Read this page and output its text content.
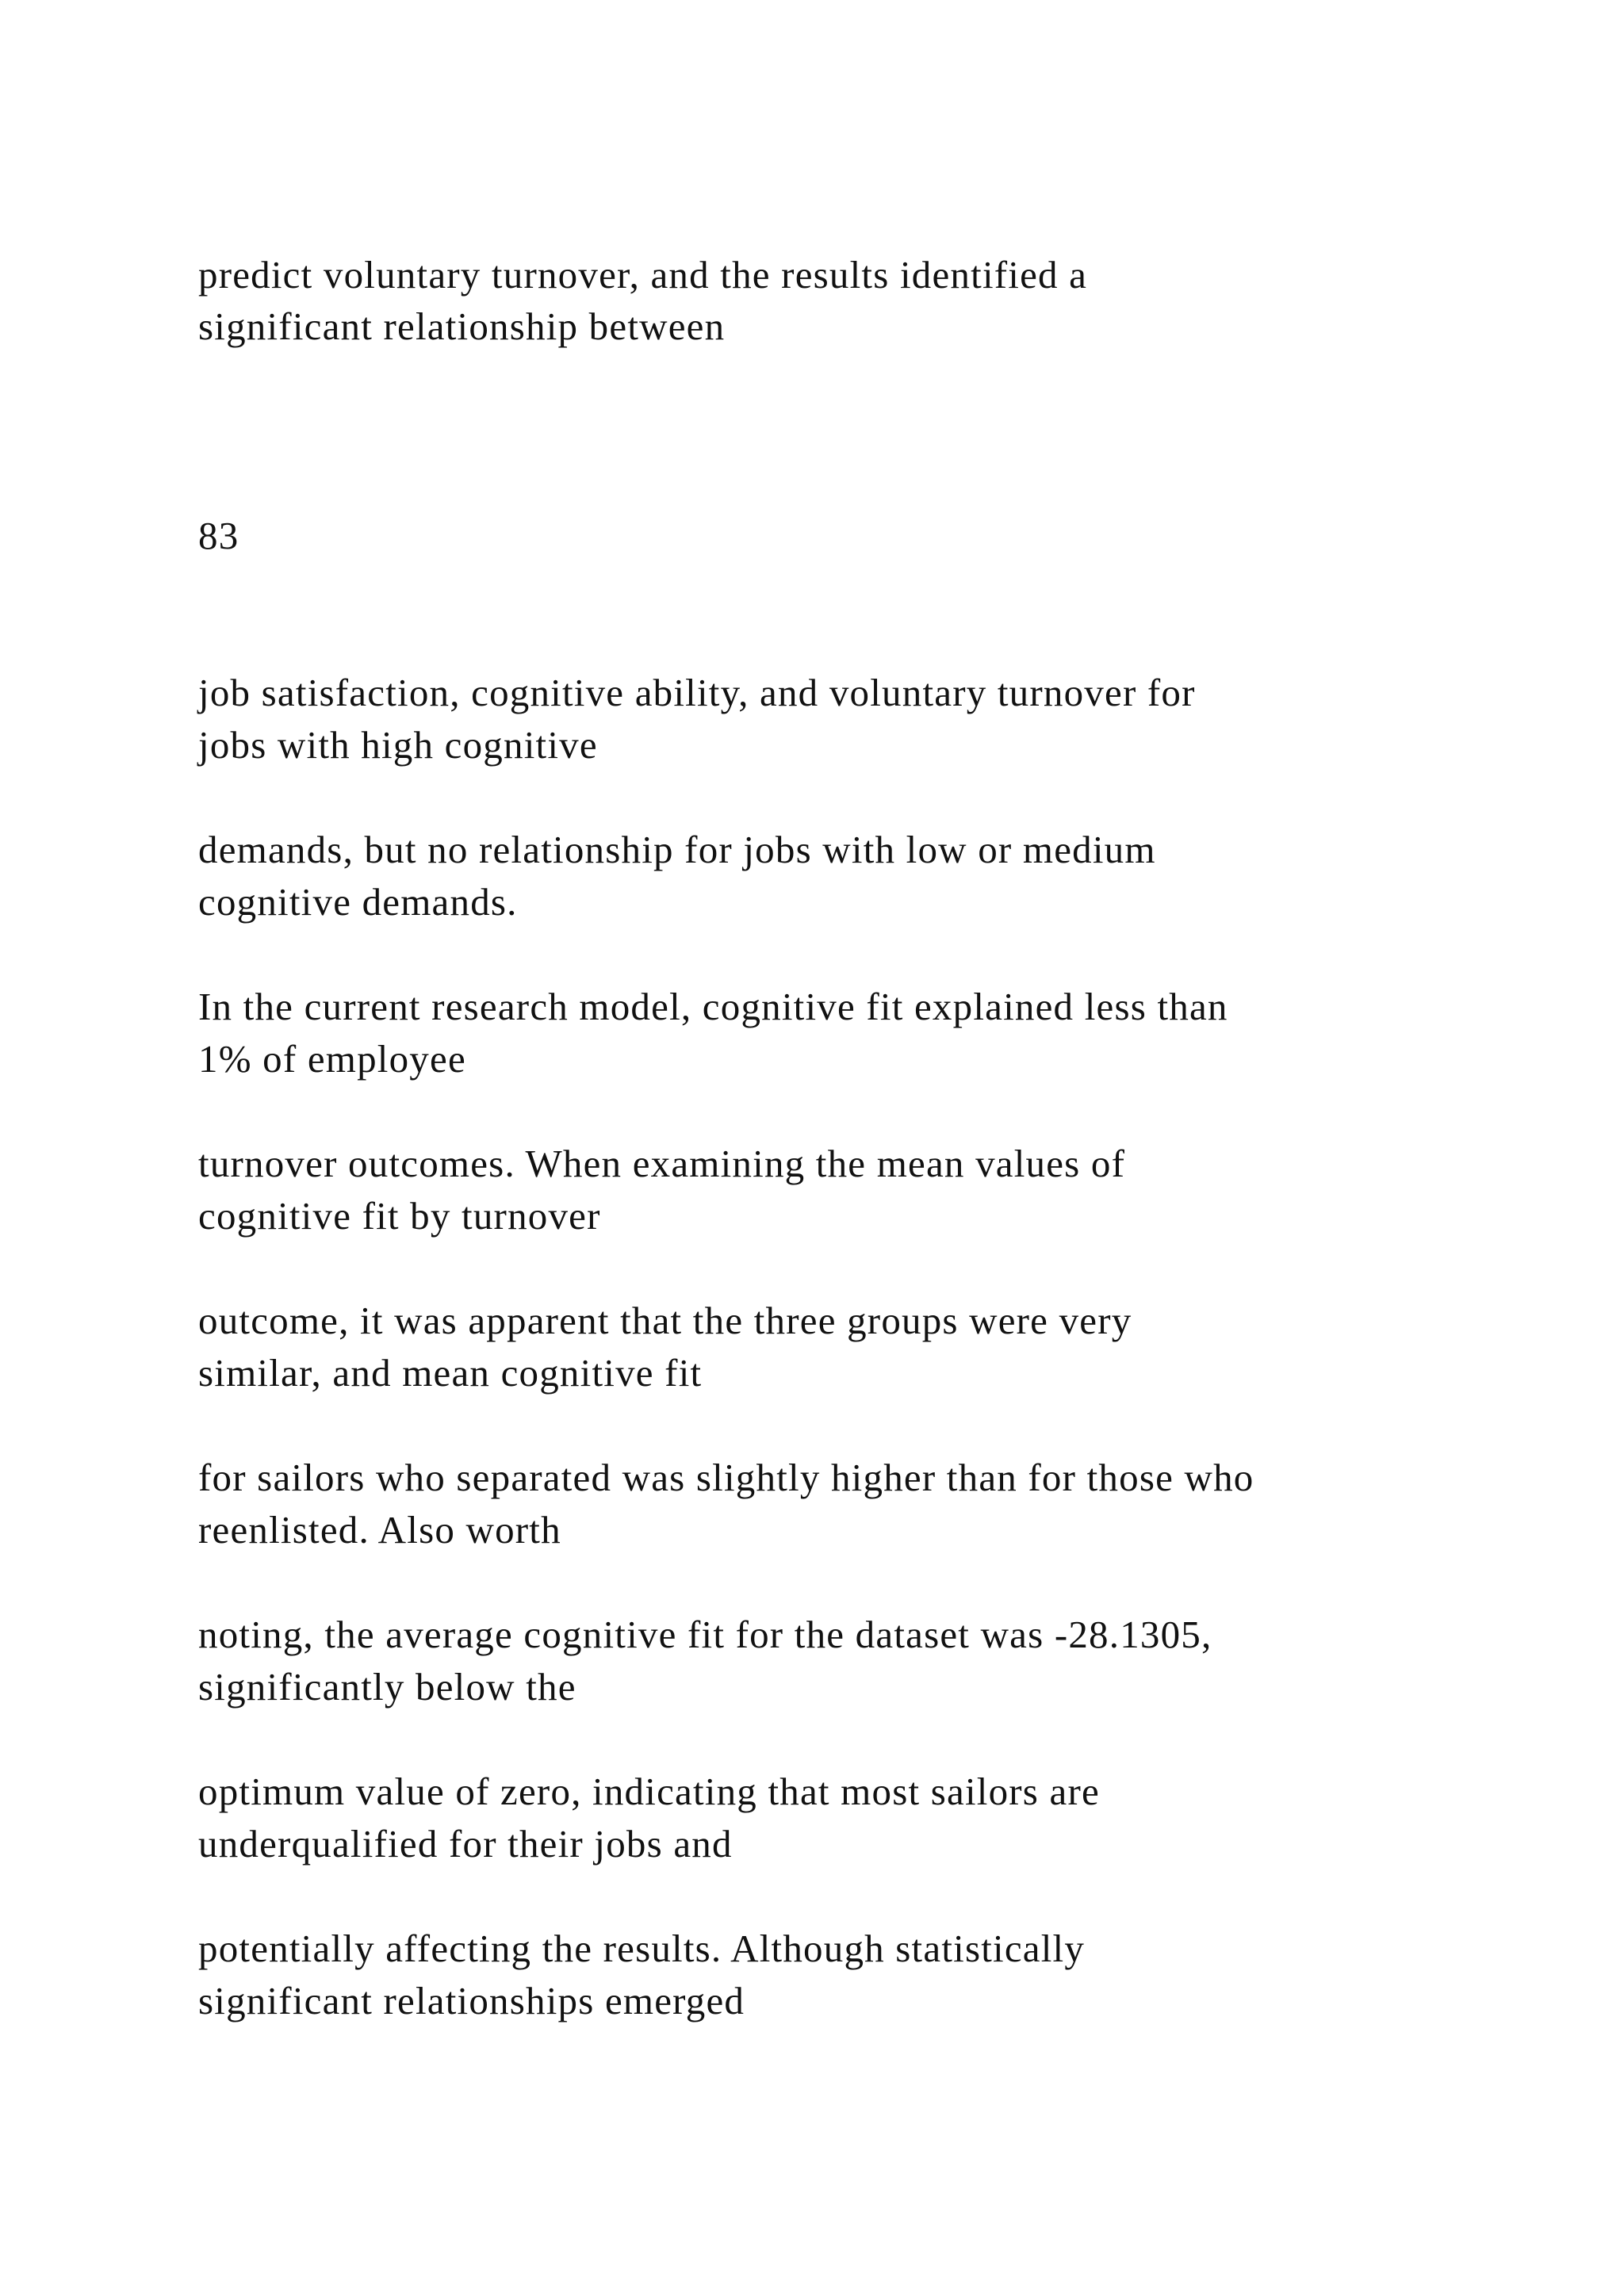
predict voluntary turnover, and the results identified a

significant relationship between

83

job satisfaction, cognitive ability, and voluntary turnover for

jobs with high cognitive

demands, but no relationship for jobs with low or medium

cognitive demands.

In the current research model, cognitive fit explained less than

1% of employee

turnover outcomes. When examining the mean values of

cognitive fit by turnover

outcome, it was apparent that the three groups were very

similar, and mean cognitive fit

for sailors who separated was slightly higher than for those who

reenlisted. Also worth

noting, the average cognitive fit for the dataset was -28.1305,

significantly below the

optimum value of zero, indicating that most sailors are

underqualified for their jobs and

potentially affecting the results. Although statistically

significant relationships emerged
